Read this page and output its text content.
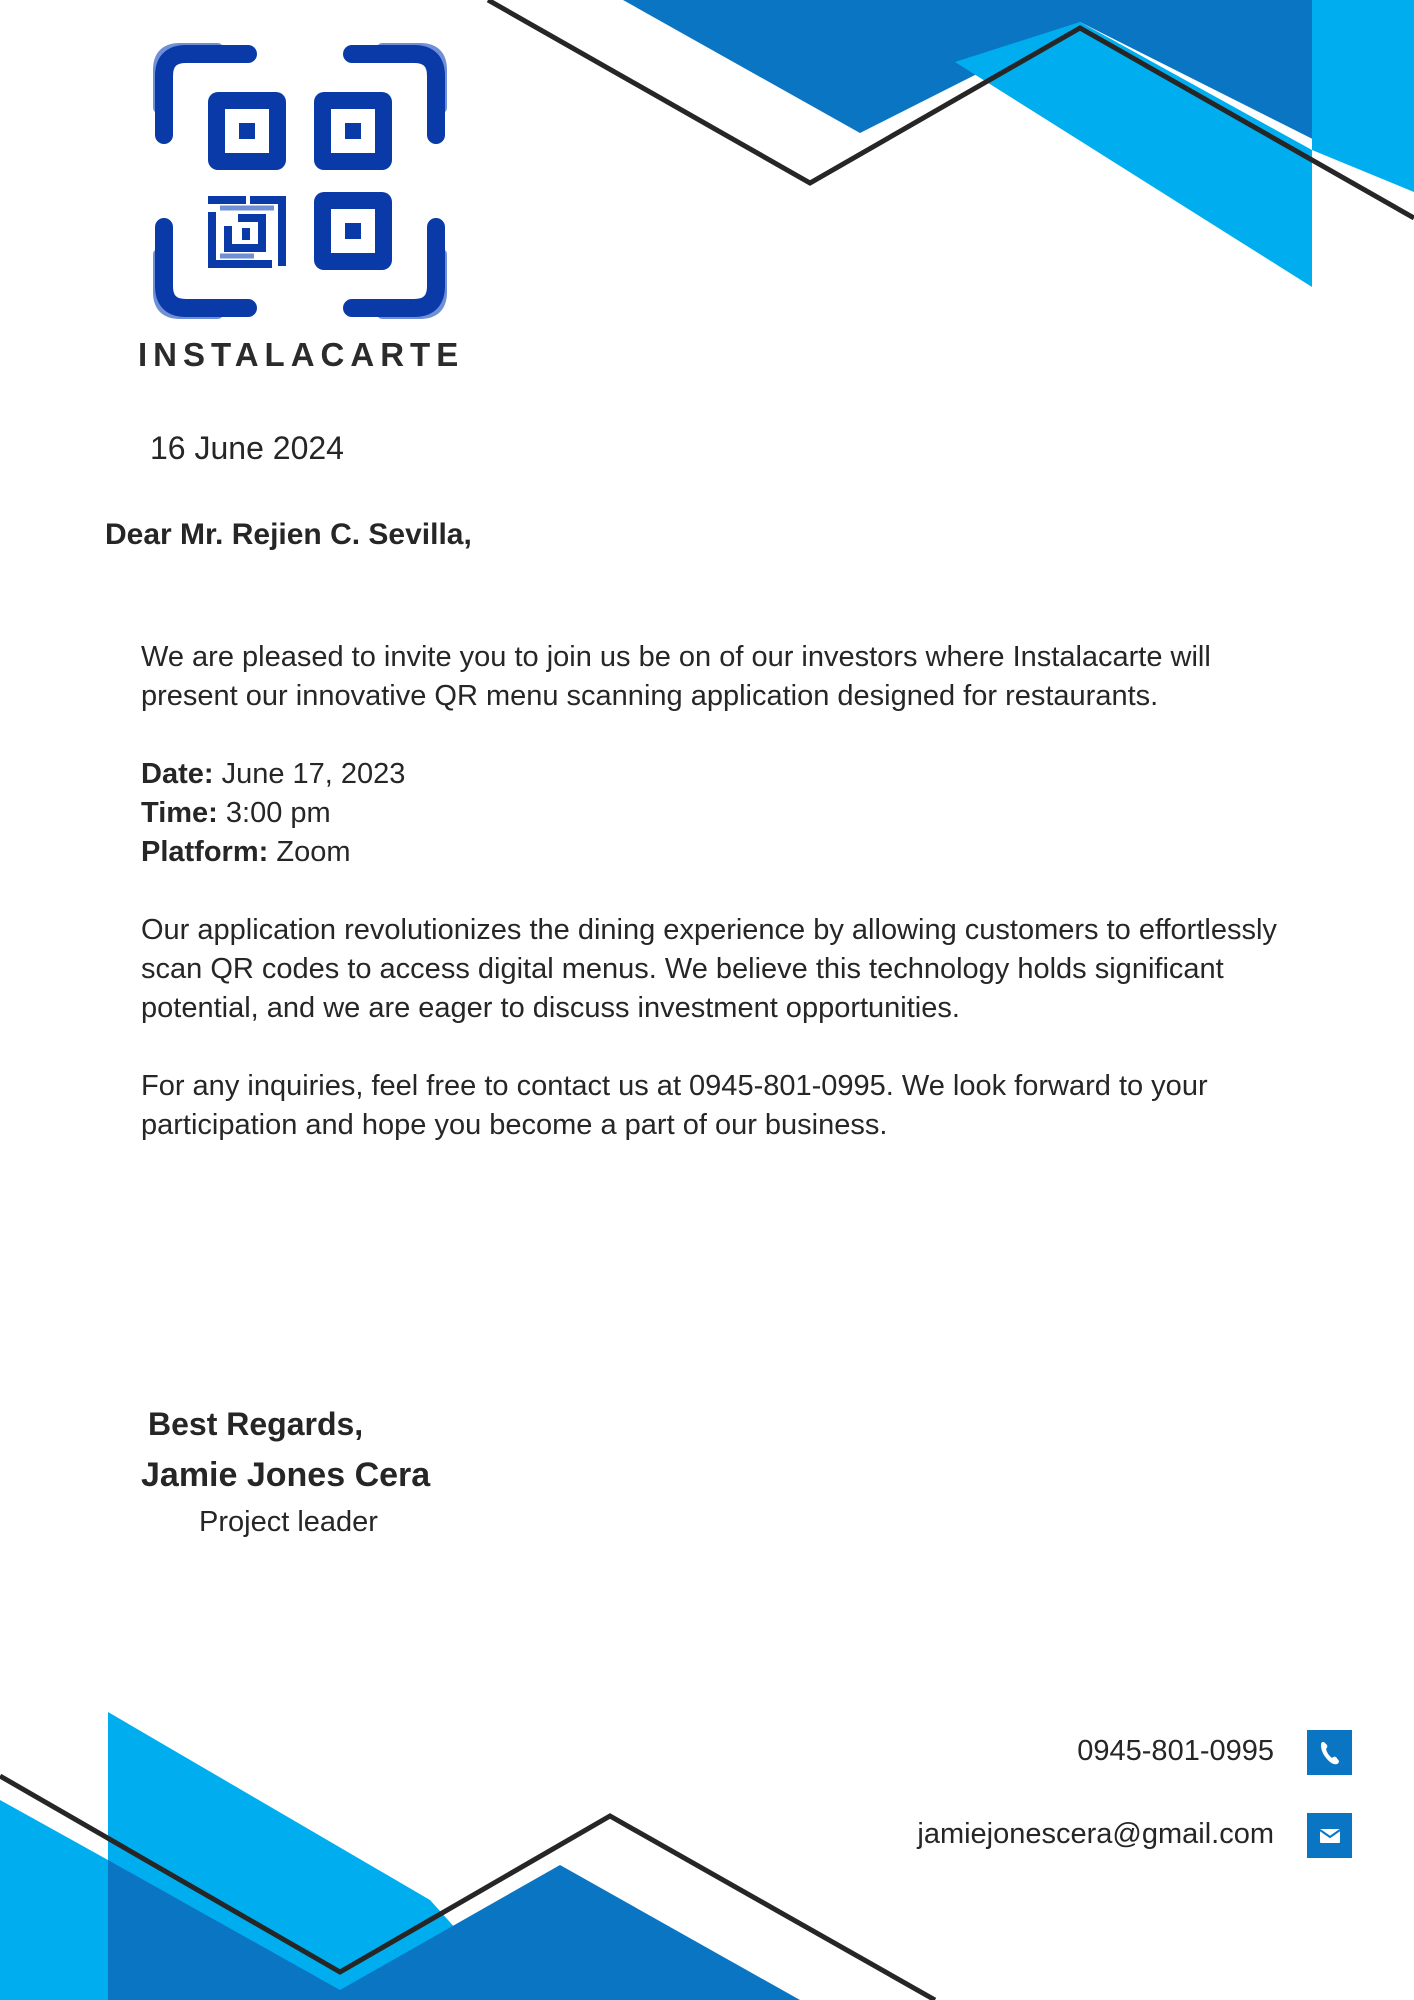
INSTALACARTE
16 June 2024
Dear Mr. Rejien C. Sevilla,

We are pleased to invite you to join us be on of our investors where Instalacarte will present our innovative QR menu scanning application designed for restaurants.

Date: June 17, 2023
Time: 3:00 pm
Platform: Zoom

Our application revolutionizes the dining experience by allowing customers to effortlessly scan QR codes to access digital menus. We believe this technology holds significant potential, and we are eager to discuss investment opportunities.

For any inquiries, feel free to contact us at 0945-801-0995. We look forward to your participation and hope you become a part of our business.

Best Regards,
Jamie Jones Cera
Project leader
0945-801-0995
jamiejonescera@gmail.com
